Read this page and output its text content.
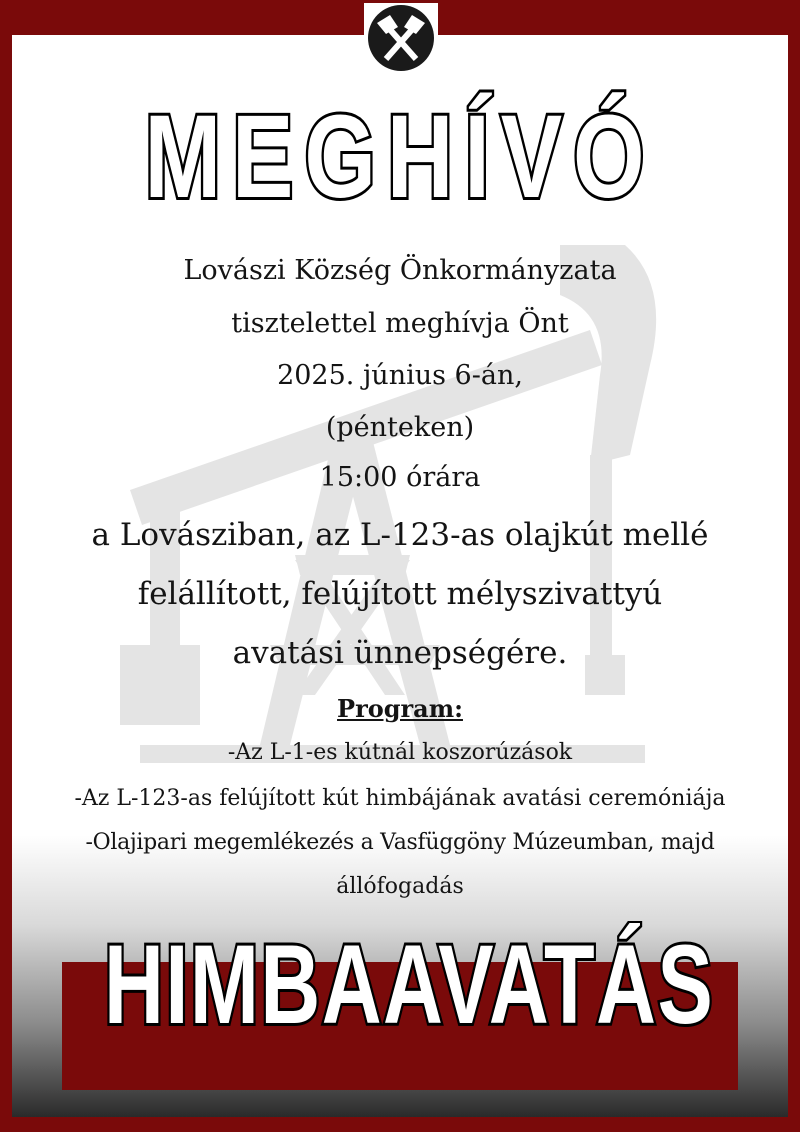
MEGHÍVÓ
Lovászi Község Önkormányzata
tisztelettel meghívja Önt
2025. június 6-án,
(pénteken)
15:00 órára
a Lovásziban, az L-123-as olajkút mellé
felállított, felújított mélyszivattyú
avatási ünnepségére.
Program:
-Az L-1-es kútnál koszorúzások
-Az L-123-as felújított kút himbájának avatási ceremóniája
-Olajipari megemlékezés a Vasfüggöny Múzeumban, majd
állófogadás
HIMBAAVATÁS
